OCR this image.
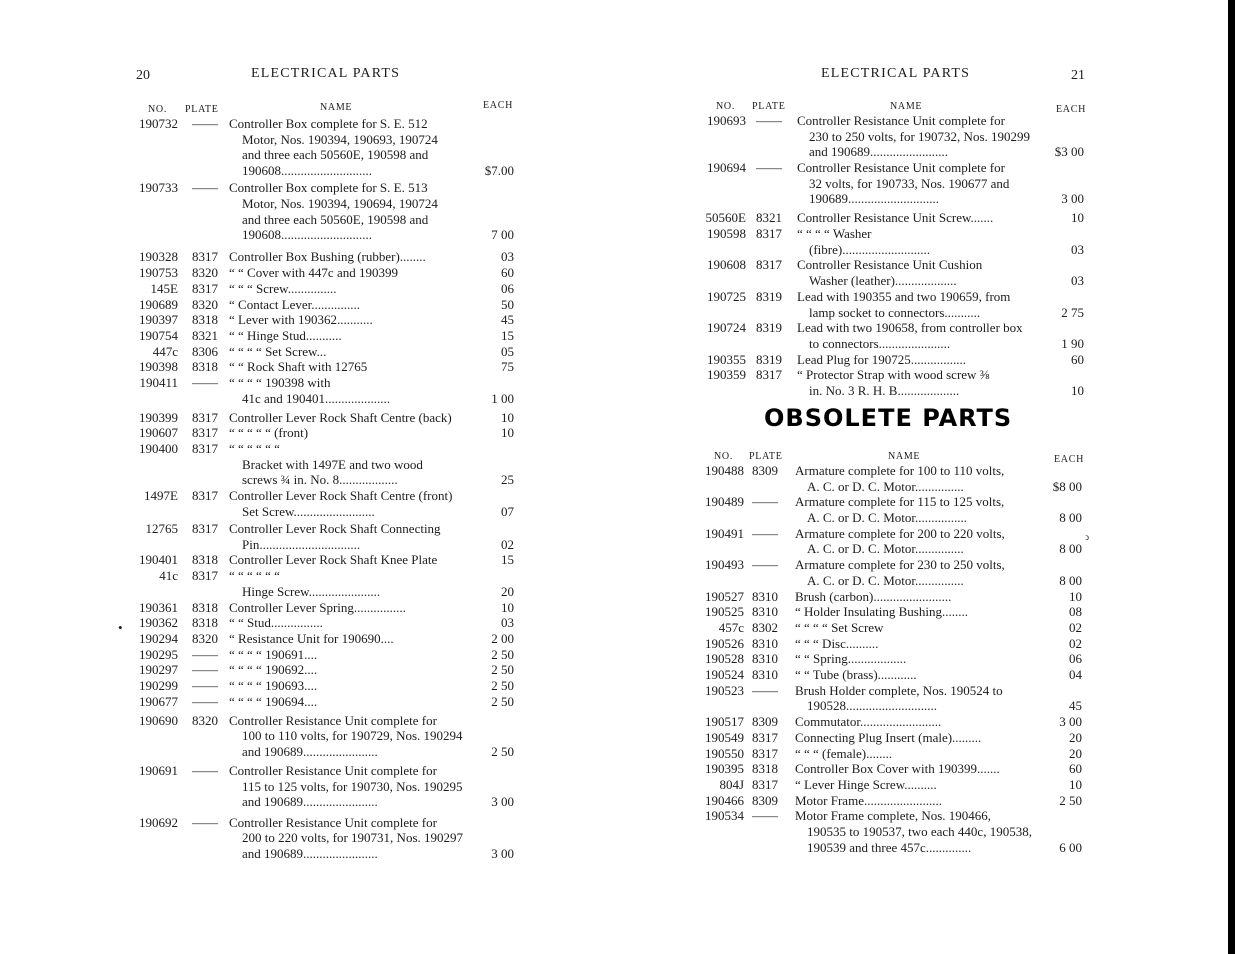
20	ELECTRICAL PARTS
NO. PLATE	NAME	EACH
190732 —— Controller Box complete for S. E. 512
Motor, Nos. 190394, 190693, 190724
and three each 50560E, 190598 and
190608............................	$7.00
190733 —— Controller Box complete for S. E. 513
Motor, Nos. 190394, 190694, 190724
and three each 50560E, 190598 and
190608............................	7 00
190328 8317 Controller Box Bushing (rubber)........	03
190753 8320 “ “ Cover with 447c and 190399	60
145E 8317 “ “ “ Screw...............	06
190689 8320 “ Contact Lever...............	50
190397 8318 “ Lever with 190362...........	45
190754 8321 “ “ Hinge Stud...........	15
447c 8306 “ “ “ “ Set Screw...	05
190398 8318 “ “ Rock Shaft with 12765	75
190411 —— “ “ “ “ 190398 with
41c and 190401....................	1 00
190399 8317 Controller Lever Rock Shaft Centre (back)	10
190607 8317 “ “ “ “ “ (front)	10
190400 8317 “ “ “ “ “ “
Bracket with 1497E and two wood
screws ¾ in. No. 8..................	25
1497E 8317 Controller Lever Rock Shaft Centre (front)
Set Screw.........................	07
12765 8317 Controller Lever Rock Shaft Connecting
Pin...............................	02
190401 8318 Controller Lever Rock Shaft Knee Plate	15
41c 8317 “ “ “ “ “ “
Hinge Screw......................	20
190361 8318 Controller Lever Spring................	10
190362 8318 “ “ Stud................	03
190294 8320 “ Resistance Unit for 190690....	2 00
190295 —— “ “ “ “ 190691....	2 50
190297 —— “ “ “ “ 190692....	2 50
190299 —— “ “ “ “ 190693....	2 50
190677 —— “ “ “ “ 190694....	2 50
190690 8320 Controller Resistance Unit complete for
100 to 110 volts, for 190729, Nos. 190294
and 190689.......................	2 50
190691 —— Controller Resistance Unit complete for
115 to 125 volts, for 190730, Nos. 190295
and 190689.......................	3 00
190692 —— Controller Resistance Unit complete for
200 to 220 volts, for 190731, Nos. 190297
and 190689.......................	3 00
•
ELECTRICAL PARTS	21
NO. PLATE	NAME	EACH
190693 —— Controller Resistance Unit complete for
230 to 250 volts, for 190732, Nos. 190299
and 190689........................	$3 00
190694 —— Controller Resistance Unit complete for
32 volts, for 190733, Nos. 190677 and
190689............................	3 00
50560E 8321 Controller Resistance Unit Screw.......	10
190598 8317 “ “ “ “ Washer
(fibre)...........................	03
190608 8317 Controller Resistance Unit Cushion
Washer (leather)...................	03
190725 8319 Lead with 190355 and two 190659, from
lamp socket to connectors...........	2 75
190724 8319 Lead with two 190658, from controller box
to connectors......................	1 90
190355 8319 Lead Plug for 190725.................	60
190359 8317 “ Protector Strap with wood screw ⅜
in. No. 3 R. H. B...................	10
OBSOLETE PARTS
NO. PLATE	NAME	EACH
190488 8309 Armature complete for 100 to 110 volts,
A. C. or D. C. Motor...............	$8 00
190489 —— Armature complete for 115 to 125 volts,
A. C. or D. C. Motor................	8 00
190491 —— Armature complete for 200 to 220 volts,
A. C. or D. C. Motor...............	8 00
190493 —— Armature complete for 230 to 250 volts,
A. C. or D. C. Motor...............	8 00
190527 8310 Brush (carbon)........................	10
190525 8310 “ Holder Insulating Bushing........	08
457c 8302 “ “ “ “ Set Screw	02
190526 8310 “ “ “ Disc..........	02
190528 8310 “ “ Spring..................	06
190524 8310 “ “ Tube (brass)............	04
190523 —— Brush Holder complete, Nos. 190524 to
190528............................	45
190517 8309 Commutator.........................	3 00
190549 8317 Connecting Plug Insert (male).........	20
190550 8317 “ “ “ (female)........	20
190395 8318 Controller Box Cover with 190399.......	60
804J 8317 “ Lever Hinge Screw..........	10
190466 8309 Motor Frame........................	2 50
190534 —— Motor Frame complete, Nos. 190466,
190535 to 190537, two each 440c, 190538,
190539 and three 457c..............	6 00
ↄ
